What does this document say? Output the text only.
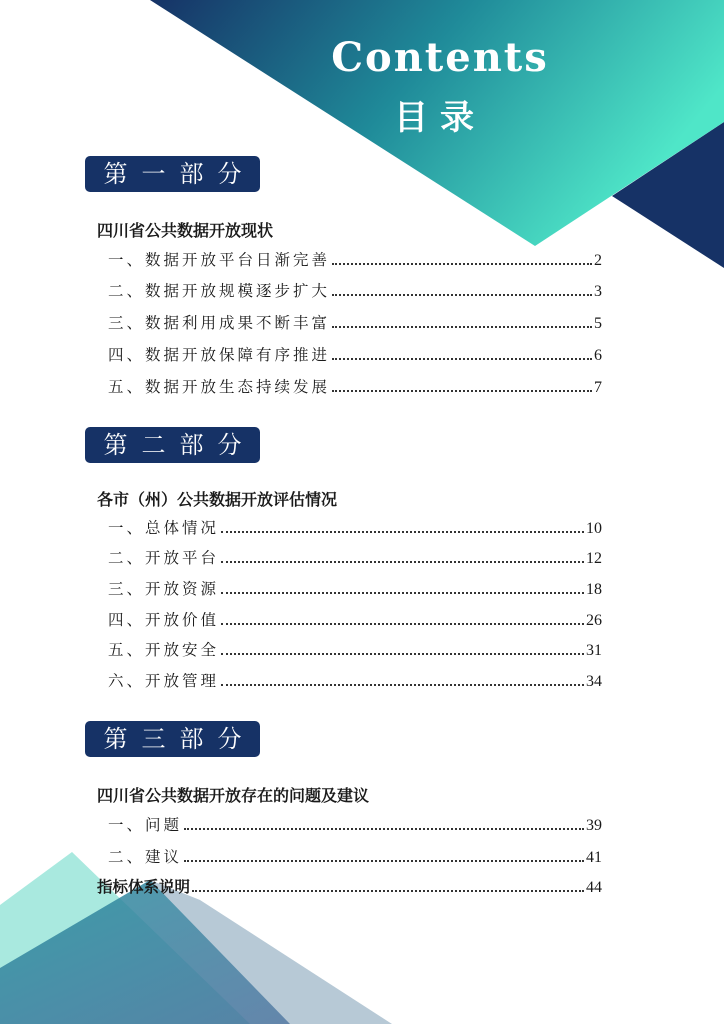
Contents
目录
第一部分
四川省公共数据开放现状
一、 数据开放平台日渐完善	2
二、 数据开放规模逐步扩大	3
三、 数据利用成果不断丰富	5
四、 数据开放保障有序推进	6
五、 数据开放生态持续发展	7
第二部分
各市（州）公共数据开放评估情况
一、 总体情况	10
二、 开放平台	12
三、 开放资源	18
四、 开放价值	26
五、 开放安全	31
六、 开放管理	34
第三部分
四川省公共数据开放存在的问题及建议
一、 问题	39
二、 建议	41
指标体系说明	44
